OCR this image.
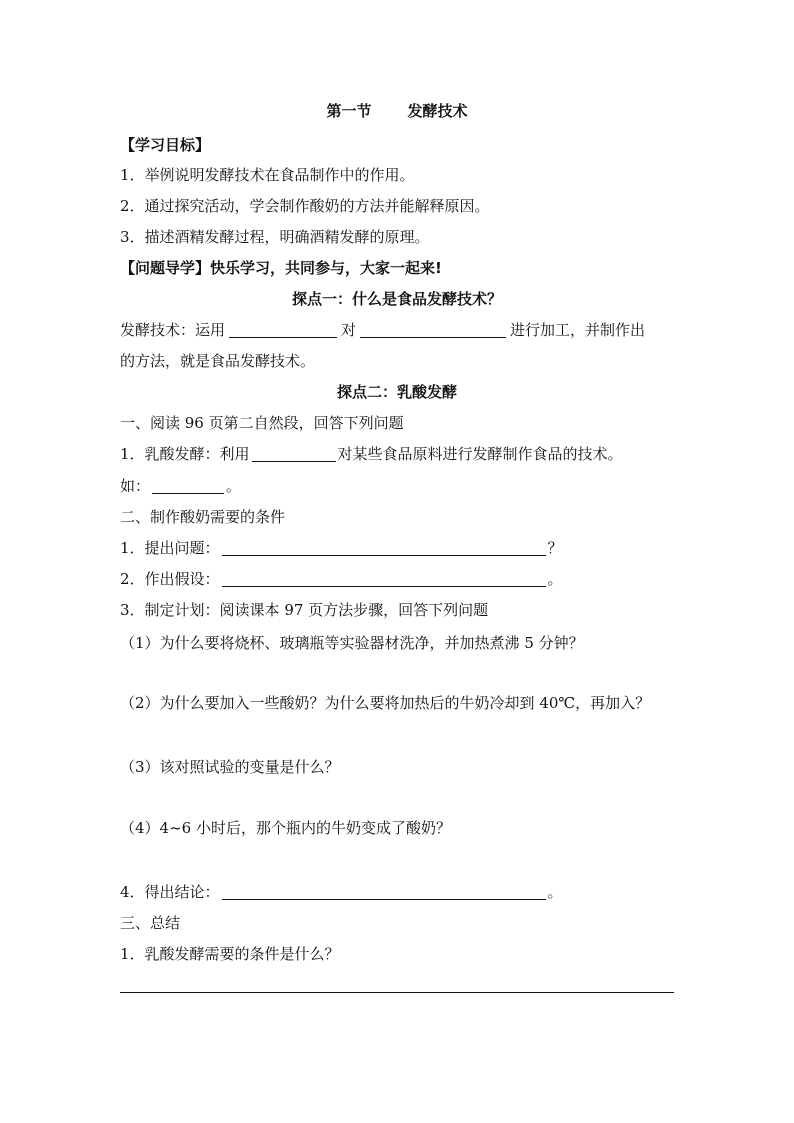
第一节 发酵技术
【学习目标】
1．举例说明发酵技术在食品制作中的作用。
2．通过探究活动，学会制作酸奶的方法并能解释原因。
3．描述酒精发酵过程，明确酒精发酵的原理。
【问题导学】快乐学习，共同参与，大家一起来!
探点一：什么是食品发酵技术？
发酵技术：运用	对	进行加工，并制作出
的方法，就是食品发酵技术。
探点二：乳酸发酵
一、阅读 96 页第二自然段，回答下列问题
1．乳酸发酵：利用	对某些食品原料进行发酵制作食品的技术。
如：	。
二、制作酸奶需要的条件
1．提出问题：	？
2．作出假设：	。
3．制定计划：阅读课本 97 页方法步骤，回答下列问题
（1）为什么要将烧杯、玻璃瓶等实验器材洗净，并加热煮沸 5 分钟？
（2）为什么要加入一些酸奶？为什么要将加热后的牛奶冷却到 40℃，再加入？
（3）该对照试验的变量是什么？
（4）4~6 小时后，那个瓶内的牛奶变成了酸奶？
4．得出结论：	。
三、总结
1．乳酸发酵需要的条件是什么？
